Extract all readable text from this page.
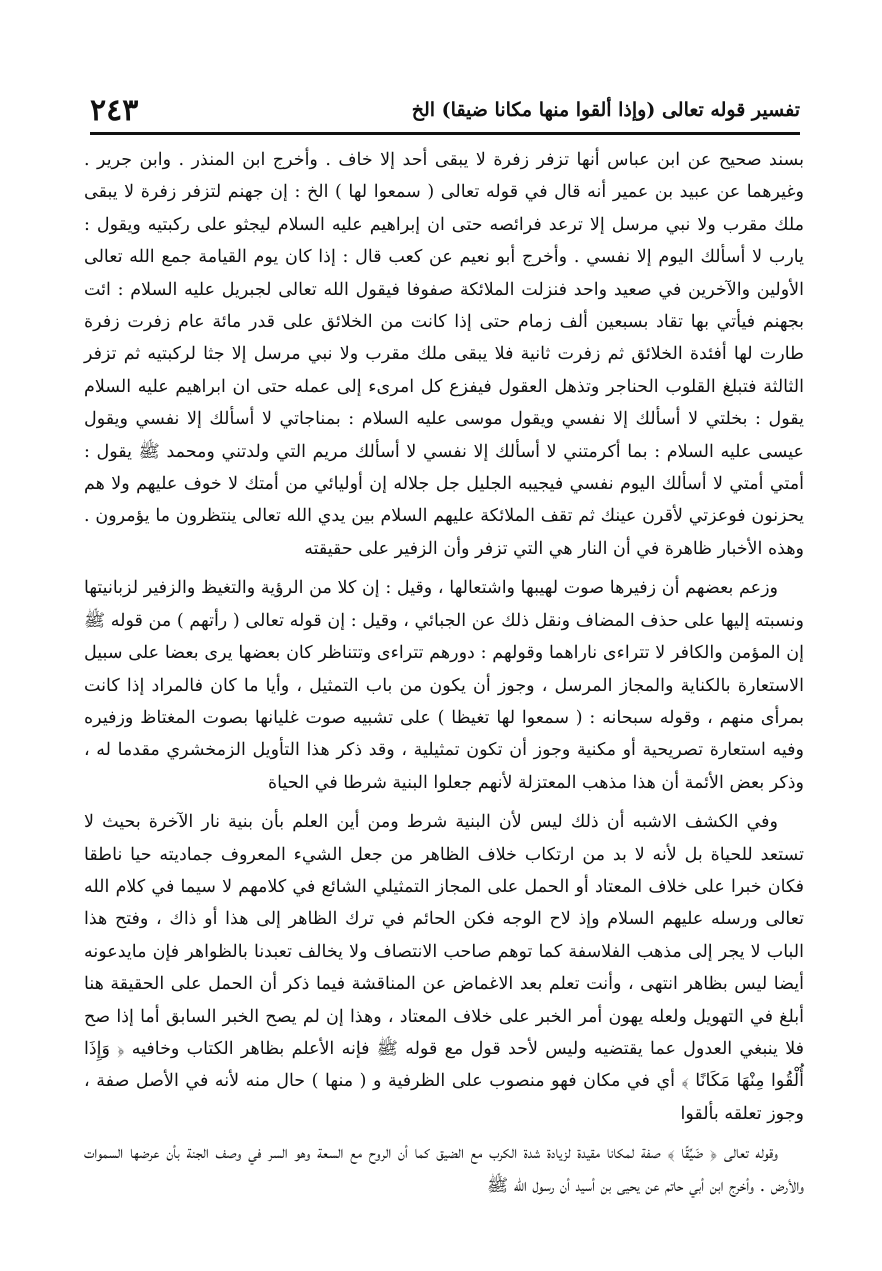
تفسير قوله تعالى (وإذا ألقوا منها مكانا ضيقا) الخ
٢٤٣

بسند صحيح عن ابن عباس أنها تزفر زفرة لا يبقى أحد إلا خاف . وأخرج ابن المنذر . وابن جرير . وغيرهما عن عبيد بن عمير أنه قال في قوله تعالى ( سمعوا لها ) الخ : إن جهنم لتزفر زفرة لا يبقى ملك مقرب ولا نبي مرسل إلا ترعد فرائصه حتى ان إبراهيم عليه السلام ليجثو على ركبتيه ويقول : يارب لا أسألك اليوم إلا نفسي . وأخرج أبو نعيم عن كعب قال : إذا كان يوم القيامة جمع الله تعالى الأولين والآخرين في صعيد واحد فنزلت الملائكة صفوفا فيقول الله تعالى لجبريل عليه السلام : ائت بجهنم فيأتي بها تقاد بسبعين ألف زمام حتى إذا كانت من الخلائق على قدر مائة عام زفرت زفرة طارت لها أفئدة الخلائق ثم زفرت ثانية فلا يبقى ملك مقرب ولا نبي مرسل إلا جثا لركبتيه ثم تزفر الثالثة فتبلغ القلوب الحناجر وتذهل العقول فيفزع كل امرىء إلى عمله حتى ان ابراهيم عليه السلام يقول : بخلتي لا أسألك إلا نفسي ويقول موسى عليه السلام : بمناجاتي لا أسألك إلا نفسي ويقول عيسى عليه السلام : بما أكرمتني لا أسألك إلا نفسي لا أسألك مريم التي ولدتني ومحمد ﷺ يقول : أمتي أمتي لا أسألك اليوم نفسي فيجيبه الجليل جل جلاله إن أوليائي من أمتك لا خوف عليهم ولا هم يحزنون فوعزتي لأقرن عينك ثم تقف الملائكة عليهم السلام بين يدي الله تعالى ينتظرون ما يؤمرون . وهذه الأخبار ظاهرة في أن النار هي التي تزفر وأن الزفير على حقيقته

وزعم بعضهم أن زفيرها صوت لهيبها واشتعالها ، وقيل : إن كلا من الرؤية والتغيظ والزفير لزبانيتها ونسبته إليها على حذف المضاف ونقل ذلك عن الجبائي ، وقيل : إن قوله تعالى ( رأتهم ) من قوله ﷺ إن المؤمن والكافر لا تتراءى ناراهما وقولهم : دورهم تتراءى وتتناظر كان بعضها يرى بعضا على سبيل الاستعارة بالكناية والمجاز المرسل ، وجوز أن يكون من باب التمثيل ، وأيا ما كان فالمراد إذا كانت بمرأى منهم ، وقوله سبحانه : ( سمعوا لها تغيظا ) على تشبيه صوت غليانها بصوت المغتاظ وزفيره وفيه استعارة تصريحية أو مكنية وجوز أن تكون تمثيلية ، وقد ذكر هذا التأويل الزمخشري مقدما له ، وذكر بعض الأئمة أن هذا مذهب المعتزلة لأنهم جعلوا البنية شرطا في الحياة

وفي الكشف الاشبه أن ذلك ليس لأن البنية شرط ومن أين العلم بأن بنية نار الآخرة بحيث لا تستعد للحياة بل لأنه لا بد من ارتكاب خلاف الظاهر من جعل الشيء المعروف جماديته حيا ناطقا فكان خبرا على خلاف المعتاد أو الحمل على المجاز التمثيلي الشائع في كلامهم لا سيما في كلام الله تعالى ورسله عليهم السلام وإذ لاح الوجه فكن الحائم في ترك الظاهر إلى هذا أو ذاك ، وفتح هذا الباب لا يجر إلى مذهب الفلاسفة كما توهم صاحب الانتصاف ولا يخالف تعبدنا بالظواهر فإن مايدعونه أيضا ليس بظاهر انتهى ، وأنت تعلم بعد الاغماض عن المناقشة فيما ذكر أن الحمل على الحقيقة هنا أبلغ في التهويل ولعله يهون أمر الخبر على خلاف المعتاد ، وهذا إن لم يصح الخبر السابق أما إذا صح فلا ينبغي العدول عما يقتضيه وليس لأحد قول مع قوله ﷺ فإنه الأعلم بظاهر الكتاب وخافيه ﴿ وَإِذَا أُلْقُوا مِنْهَا مَكَانًا ﴾ أي في مكان فهو منصوب على الظرفية و ( منها ) حال منه لأنه في الأصل صفة ، وجوز تعلقه بألقوا

وقوله تعالى ﴿ ضَيِّقًا ﴾ صفة لمكانا مقيدة لزيادة شدة الكرب مع الضيق كما أن الروح مع السعة وهو السر في وصف الجنة بأن عرضها السموات والأرض . وأخرج ابن أبي حاتم عن يحيى بن أسيد أن رسول الله ﷺ
